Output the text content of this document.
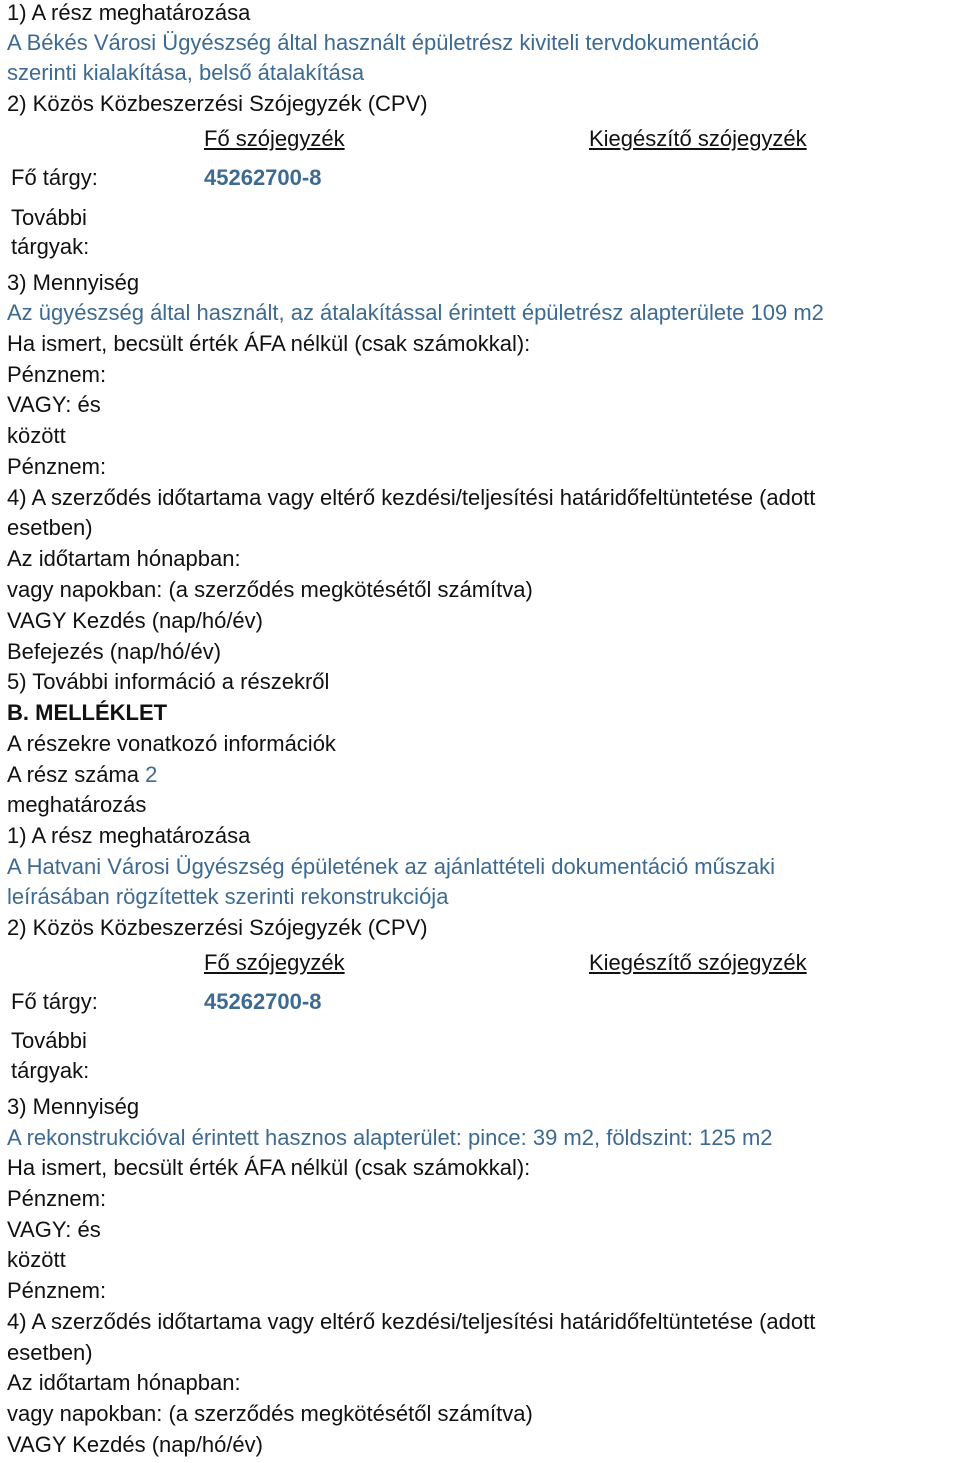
1) A rész meghatározása
A Békés Városi Ügyészség által használt épületrész kiviteli tervdokumentáció
szerinti kialakítása, belső átalakítása
2) Közös Közbeszerzési Szójegyzék (CPV)
Fő szójegyzék	Kiegészítő szójegyzék
Fő tárgy:	45262700-8
További
tárgyak:
3) Mennyiség
Az ügyészség által használt, az átalakítással érintett épületrész alapterülete 109 m2
Ha ismert, becsült érték ÁFA nélkül (csak számokkal):
Pénznem:
VAGY: és
között
Pénznem:
4) A szerződés időtartama vagy eltérő kezdési/teljesítési határidőfeltüntetése (adott
esetben)
Az időtartam hónapban:
vagy napokban: (a szerződés megkötésétől számítva)
VAGY Kezdés (nap/hó/év)
Befejezés (nap/hó/év)
5) További információ a részekről
B. MELLÉKLET
A részekre vonatkozó információk
A rész száma 2
meghatározás
1) A rész meghatározása
A Hatvani Városi Ügyészség épületének az ajánlattételi dokumentáció műszaki
leírásában rögzítettek szerinti rekonstrukciója
2) Közös Közbeszerzési Szójegyzék (CPV)
Fő szójegyzék	Kiegészítő szójegyzék
Fő tárgy:	45262700-8
További
tárgyak:
3) Mennyiség
A rekonstrukcióval érintett hasznos alapterület: pince: 39 m2, földszint: 125 m2
Ha ismert, becsült érték ÁFA nélkül (csak számokkal):
Pénznem:
VAGY: és
között
Pénznem:
4) A szerződés időtartama vagy eltérő kezdési/teljesítési határidőfeltüntetése (adott
esetben)
Az időtartam hónapban:
vagy napokban: (a szerződés megkötésétől számítva)
VAGY Kezdés (nap/hó/év)
